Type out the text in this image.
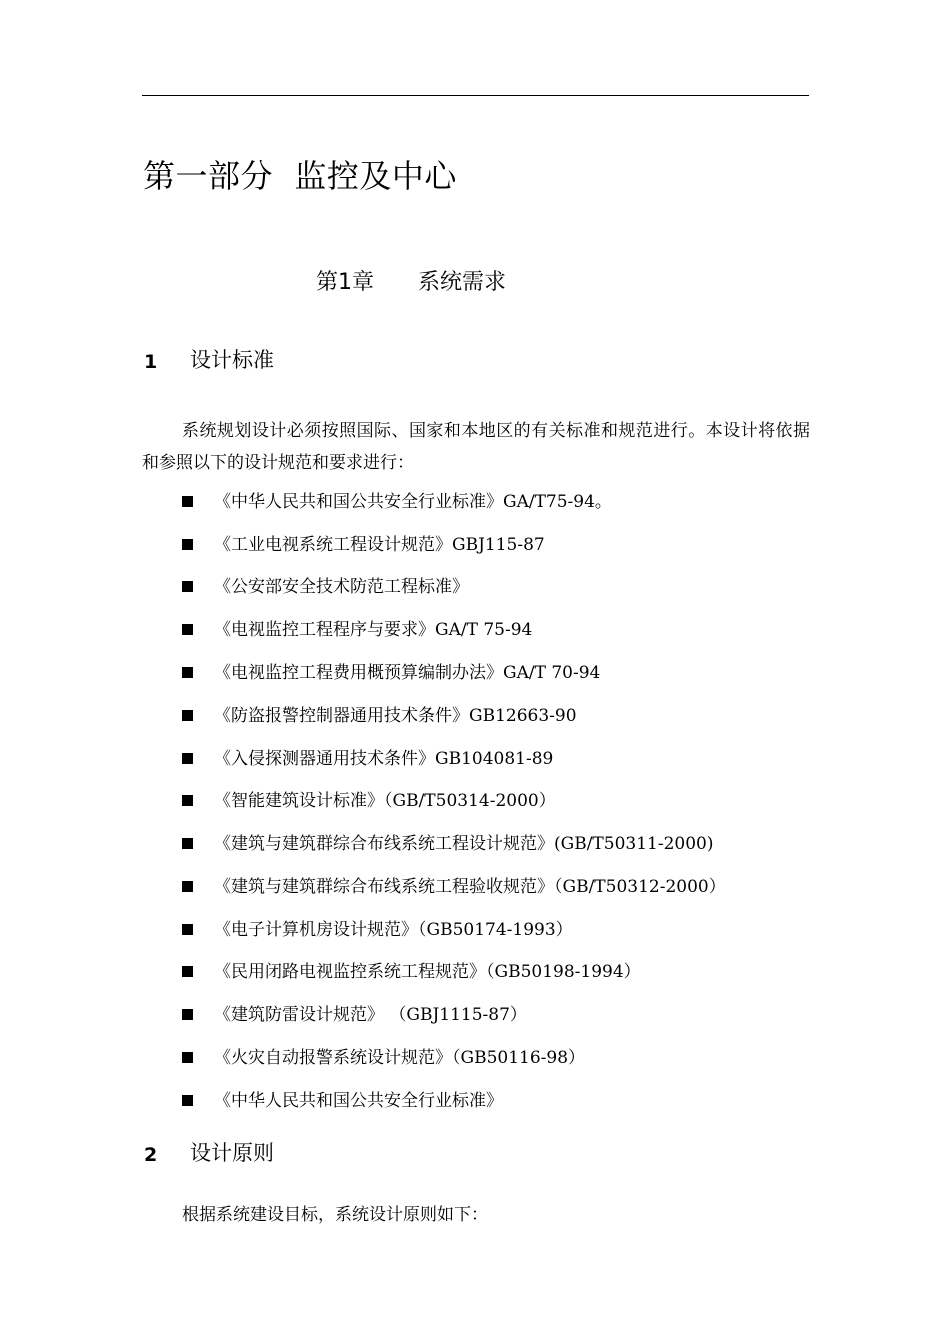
第一部分  监控及中心
第1章 系统需求
1 设计标准

系统规划设计必须按照国际、国家和本地区的有关标准和规范进行。本设计将依据和参照以下的设计规范和要求进行：

《中华人民共和国公共安全行业标准》GA/T75-94。
《工业电视系统工程设计规范》GBJ115-87
《公安部安全技术防范工程标准》
《电视监控工程程序与要求》GA/T 75-94
《电视监控工程费用概预算编制办法》GA/T 70-94
《防盗报警控制器通用技术条件》GB12663-90
《入侵探测器通用技术条件》GB104081-89
《智能建筑设计标准》（GB/T50314-2000）
《建筑与建筑群综合布线系统工程设计规范》(GB/T50311-2000)
《建筑与建筑群综合布线系统工程验收规范》（GB/T50312-2000）
《电子计算机房设计规范》（GB50174-1993）
《民用闭路电视监控系统工程规范》（GB50198-1994）
《建筑防雷设计规范》 （GBJ1115-87）
《火灾自动报警系统设计规范》（GB50116-98）
《中华人民共和国公共安全行业标准》
2 设计原则

根据系统建设目标，系统设计原则如下：
